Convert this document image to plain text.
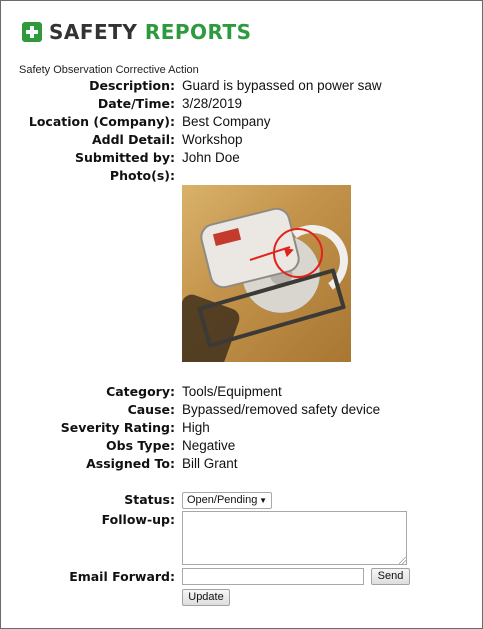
SAFETY REPORTS
Safety Observation Corrective Action
Description: Guard is bypassed on power saw
Date/Time: 3/28/2019
Location (Company): Best Company
Addl Detail: Workshop
Submitted by: John Doe
Photo(s):
Category: Tools/Equipment
Cause: Bypassed/removed safety device
Severity Rating: High
Obs Type: Negative
Assigned To: Bill Grant
Status:	Open/Pending ▼
Follow-up:
Email Forward:	Send
Update
